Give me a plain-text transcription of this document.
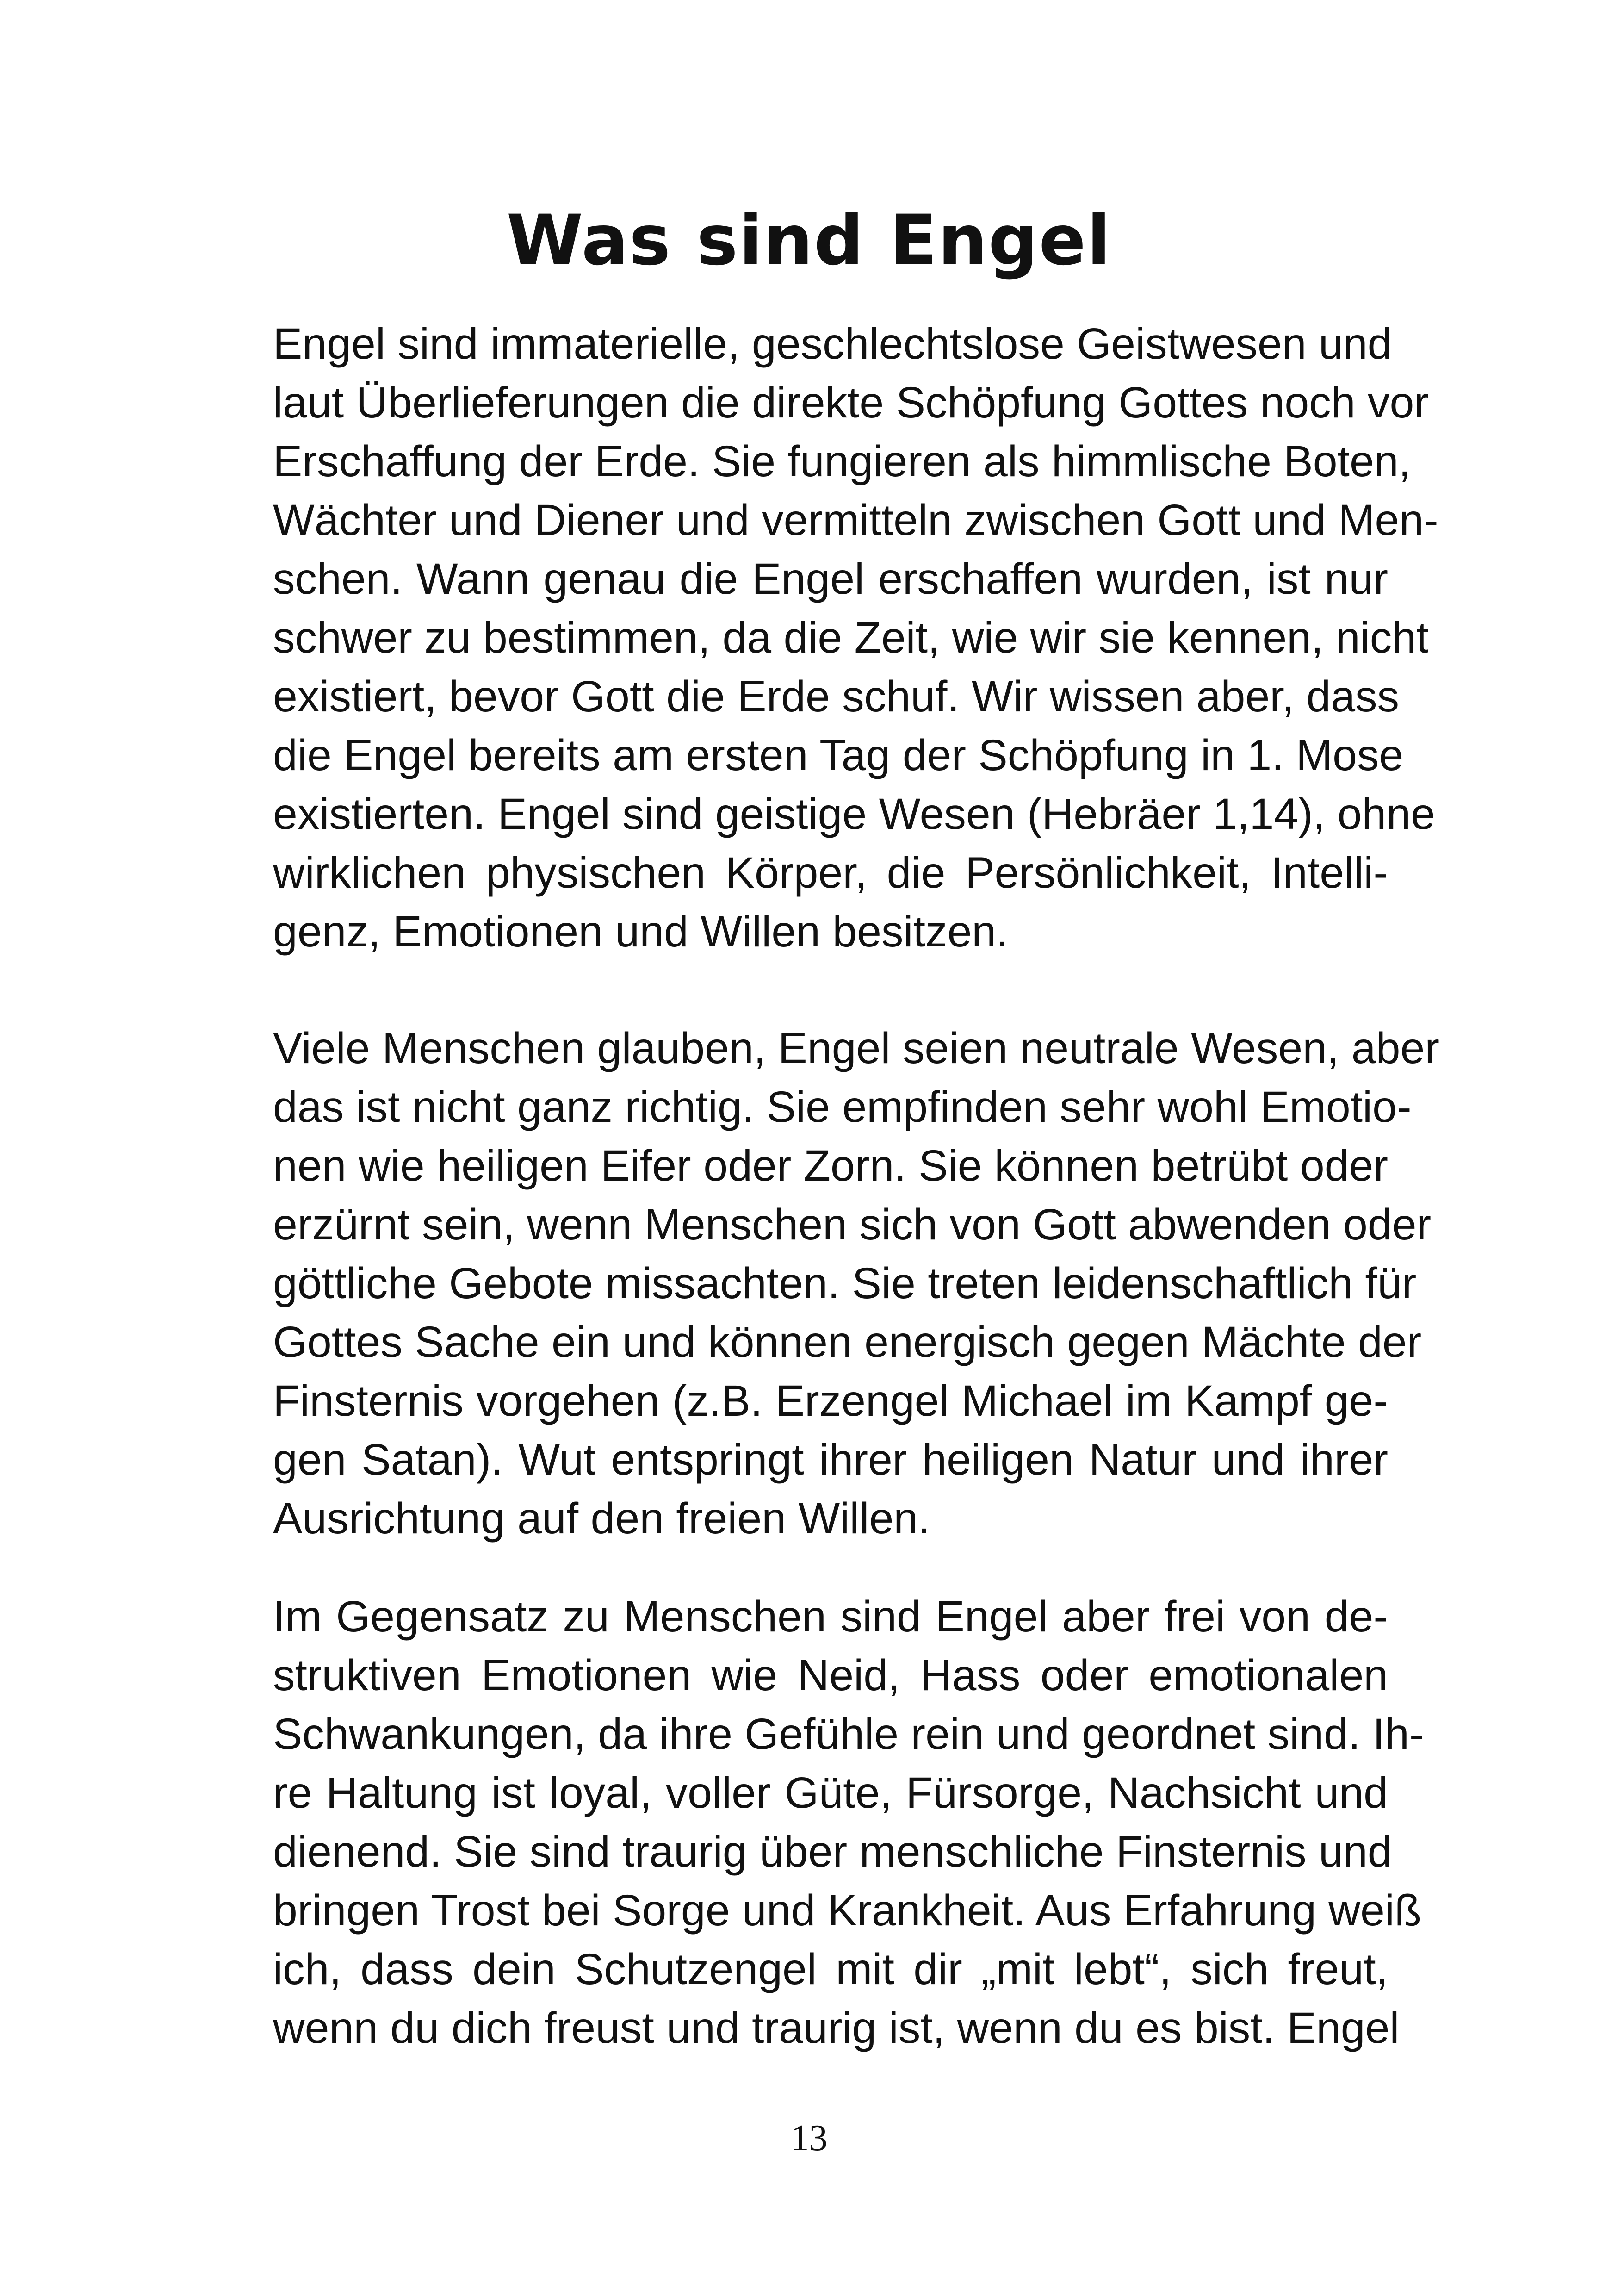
Was sind Engel
Engel sind immaterielle, geschlechtslose Geistwesen und
laut Überlieferungen die direkte Schöpfung Gottes noch vor
Erschaffung der Erde. Sie fungieren als himmlische Boten,
Wächter und Diener und vermitteln zwischen Gott und Men-
schen. Wann genau die Engel erschaffen wurden, ist nur
schwer zu bestimmen, da die Zeit, wie wir sie kennen, nicht
existiert, bevor Gott die Erde schuf. Wir wissen aber, dass
die Engel bereits am ersten Tag der Schöpfung in 1. Mose
existierten. Engel sind geistige Wesen (Hebräer 1,14), ohne
wirklichen physischen Körper, die Persönlichkeit, Intelli-
genz, Emotionen und Willen besitzen.
Viele Menschen glauben, Engel seien neutrale Wesen, aber
das ist nicht ganz richtig. Sie empfinden sehr wohl Emotio-
nen wie heiligen Eifer oder Zorn. Sie können betrübt oder
erzürnt sein, wenn Menschen sich von Gott abwenden oder
göttliche Gebote missachten. Sie treten leidenschaftlich für
Gottes Sache ein und können energisch gegen Mächte der
Finsternis vorgehen (z.B. Erzengel Michael im Kampf ge-
gen Satan). Wut entspringt ihrer heiligen Natur und ihrer
Ausrichtung auf den freien Willen.
Im Gegensatz zu Menschen sind Engel aber frei von de-
struktiven Emotionen wie Neid, Hass oder emotionalen
Schwankungen, da ihre Gefühle rein und geordnet sind. Ih-
re Haltung ist loyal, voller Güte, Fürsorge, Nachsicht und
dienend. Sie sind traurig über menschliche Finsternis und
bringen Trost bei Sorge und Krankheit. Aus Erfahrung weiß
ich, dass dein Schutzengel mit dir „mit lebt“, sich freut,
wenn du dich freust und traurig ist, wenn du es bist. Engel
13
